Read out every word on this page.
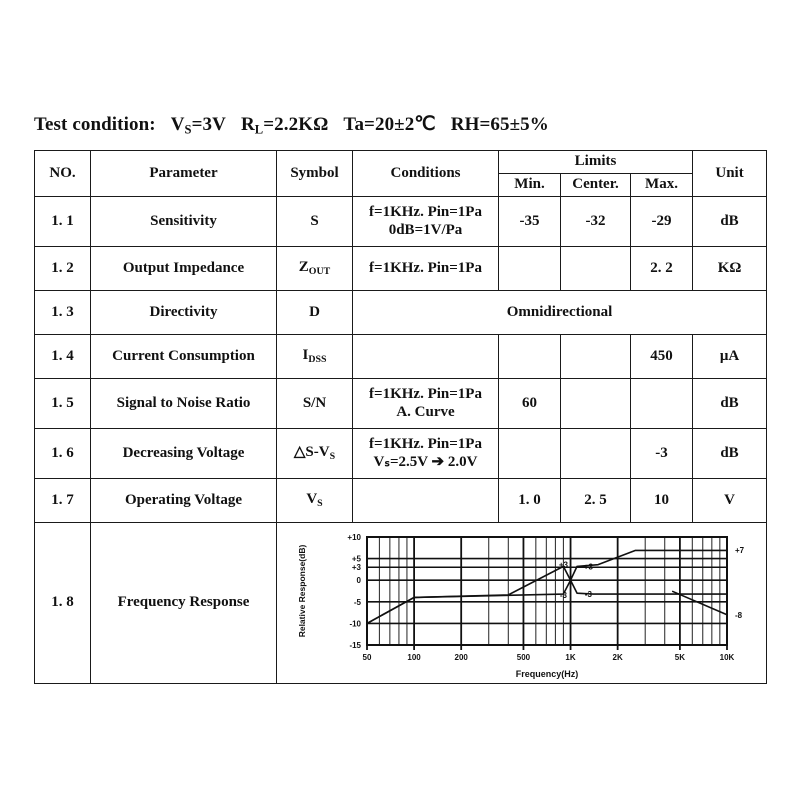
Test condition: $V_S=3V$ $R_L=2.2K\Omega$ Ta=20±2℃ RH=65±5%
NO.	Parameter	Symbol	Conditions	Limits			Unit
				Min.	Center.	Max.	
1. 1	Sensitivity	S	f=1KHz. Pin=1Pa
0dB=1V/Pa	-35	-32	-29	dB
1. 2	Output Impedance	$Z_{OUT}$	f=1KHz. Pin=1Pa			2. 2	KΩ
1. 3	Directivity	D	Omnidirectional				
1. 4	Current Consumption	$I_{DSS}$				450	μA
1. 5	Signal to Noise Ratio	S/N	f=1KHz. Pin=1Pa
A. Curve	60			dB
1. 6	Decreasing Voltage	$\triangle S-V_S$	f=1KHz. Pin=1Pa
Vₛ=2.5V ➔ 2.0V			-3	dB
1. 7	Operating Voltage	$V_S$		1. 0	2. 5	10	V
1. 8	Frequency Response	
50	100	200	500	1K	2K	5K	10K
+10
+5
+3
0
-5
-10
-15
+3
-3
+3
-3
+7
-8
Relative Response(dB)
Frequency(Hz)
